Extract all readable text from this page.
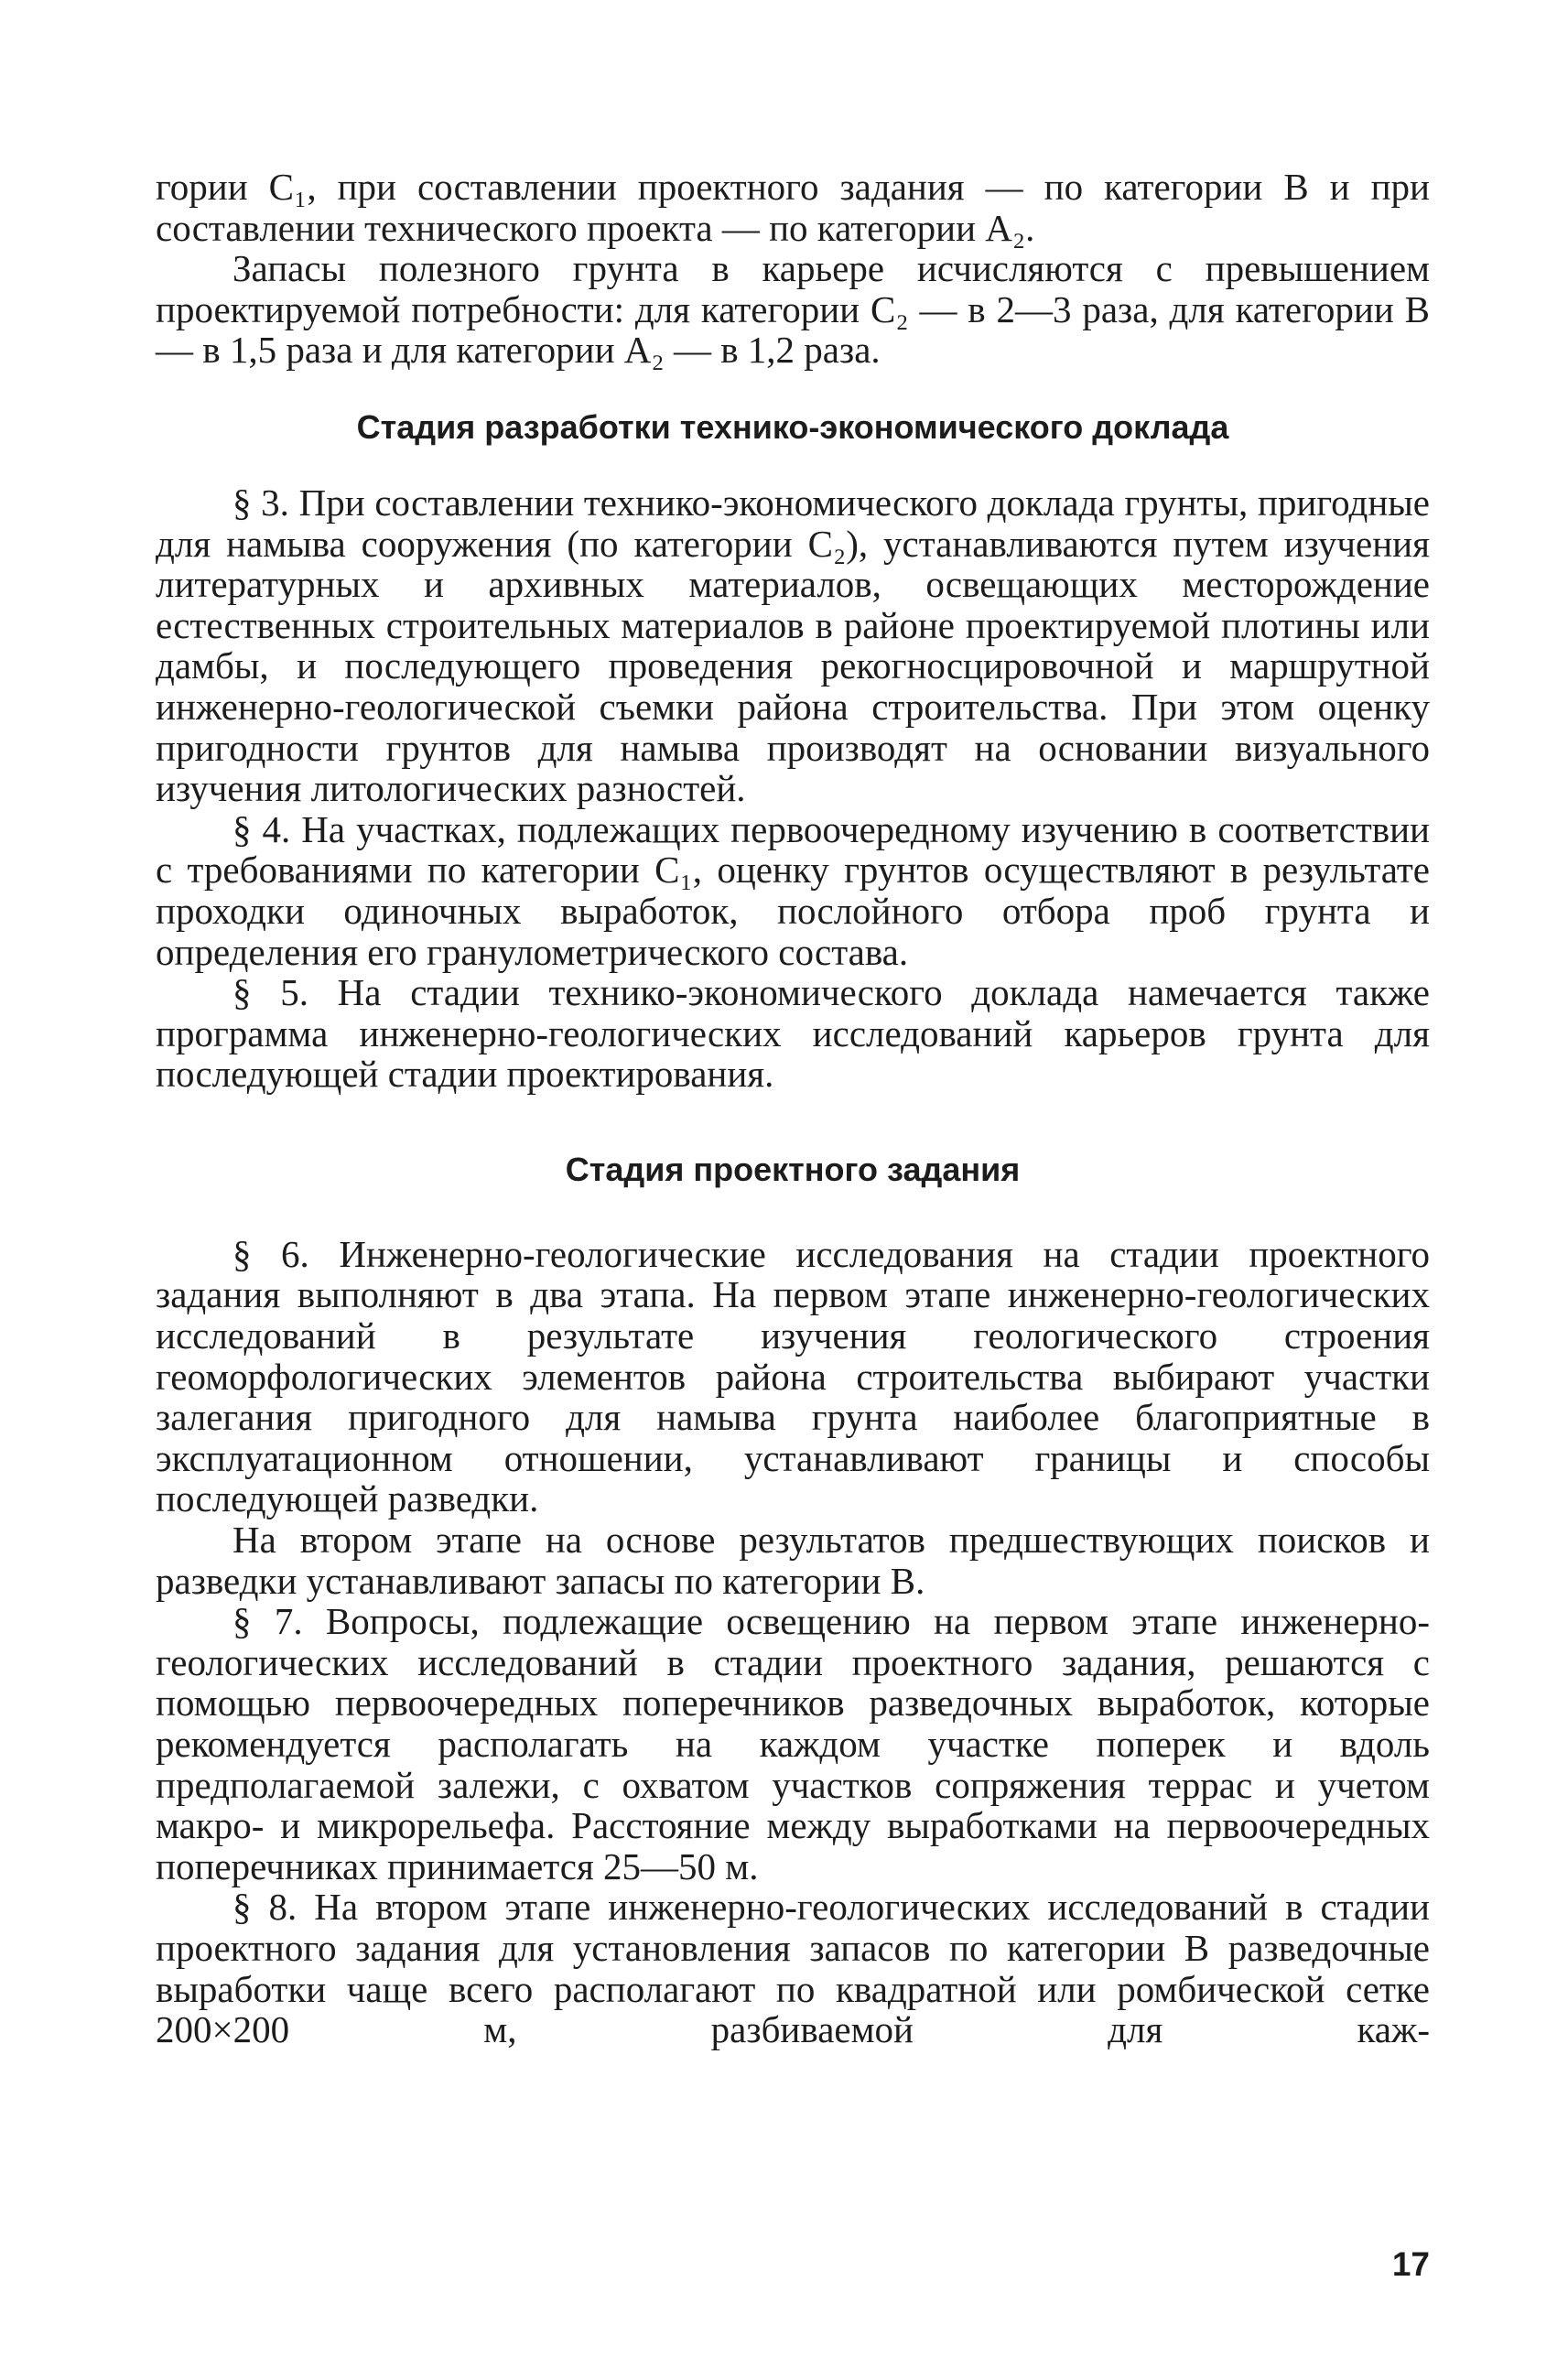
гории C₁, при составлении проектного задания — по категории B и при составлении технического проекта — по категории A₂.

Запасы полезного грунта в карьере исчисляются с превышением проектируемой потребности: для категории C₂ — в 2—3 раза, для категории B — в 1,5 раза и для категории A₂ — в 1,2 раза.

Стадия разработки технико-экономического доклада

§ 3. При составлении технико-экономического доклада грунты, пригодные для намыва сооружения (по категории C₂), устанавливаются путем изучения литературных и архивных материалов, освещающих месторождение естественных строительных материалов в районе проектируемой плотины или дамбы, и последующего проведения рекогносцировочной и маршрутной инженерно-геологической съемки района строительства. При этом оценку пригодности грунтов для намыва производят на основании визуального изучения литологических разностей.

§ 4. На участках, подлежащих первоочередному изучению в соответствии с требованиями по категории C₁, оценку грунтов осуществляют в результате проходки одиночных выработок, послойного отбора проб грунта и определения его гранулометрического состава.

§ 5. На стадии технико-экономического доклада намечается также программа инженерно-геологических исследований карьеров грунта для последующей стадии проектирования.

Стадия проектного задания

§ 6. Инженерно-геологические исследования на стадии проектного задания выполняют в два этапа. На первом этапе инженерно-геологических исследований в результате изучения геологического строения геоморфологических элементов района строительства выбирают участки залегания пригодного для намыва грунта наиболее благоприятные в эксплуатационном отношении, устанавливают границы и способы последующей разведки.

На втором этапе на основе результатов предшествующих поисков и разведки устанавливают запасы по категории B.

§ 7. Вопросы, подлежащие освещению на первом этапе инженерно-геологических исследований в стадии проектного задания, решаются с помощью первоочередных поперечников разведочных выработок, которые рекомендуется располагать на каждом участке поперек и вдоль предполагаемой залежи, с охватом участков сопряжения террас и учетом макро- и микрорельефа. Расстояние между выработками на первоочередных поперечниках принимается 25—50 м.

§ 8. На втором этапе инженерно-геологических исследований в стадии проектного задания для установления запасов по категории B разведочные выработки чаще всего располагают по квадратной или ромбической сетке 200×200 м, разбиваемой для каж-

17
